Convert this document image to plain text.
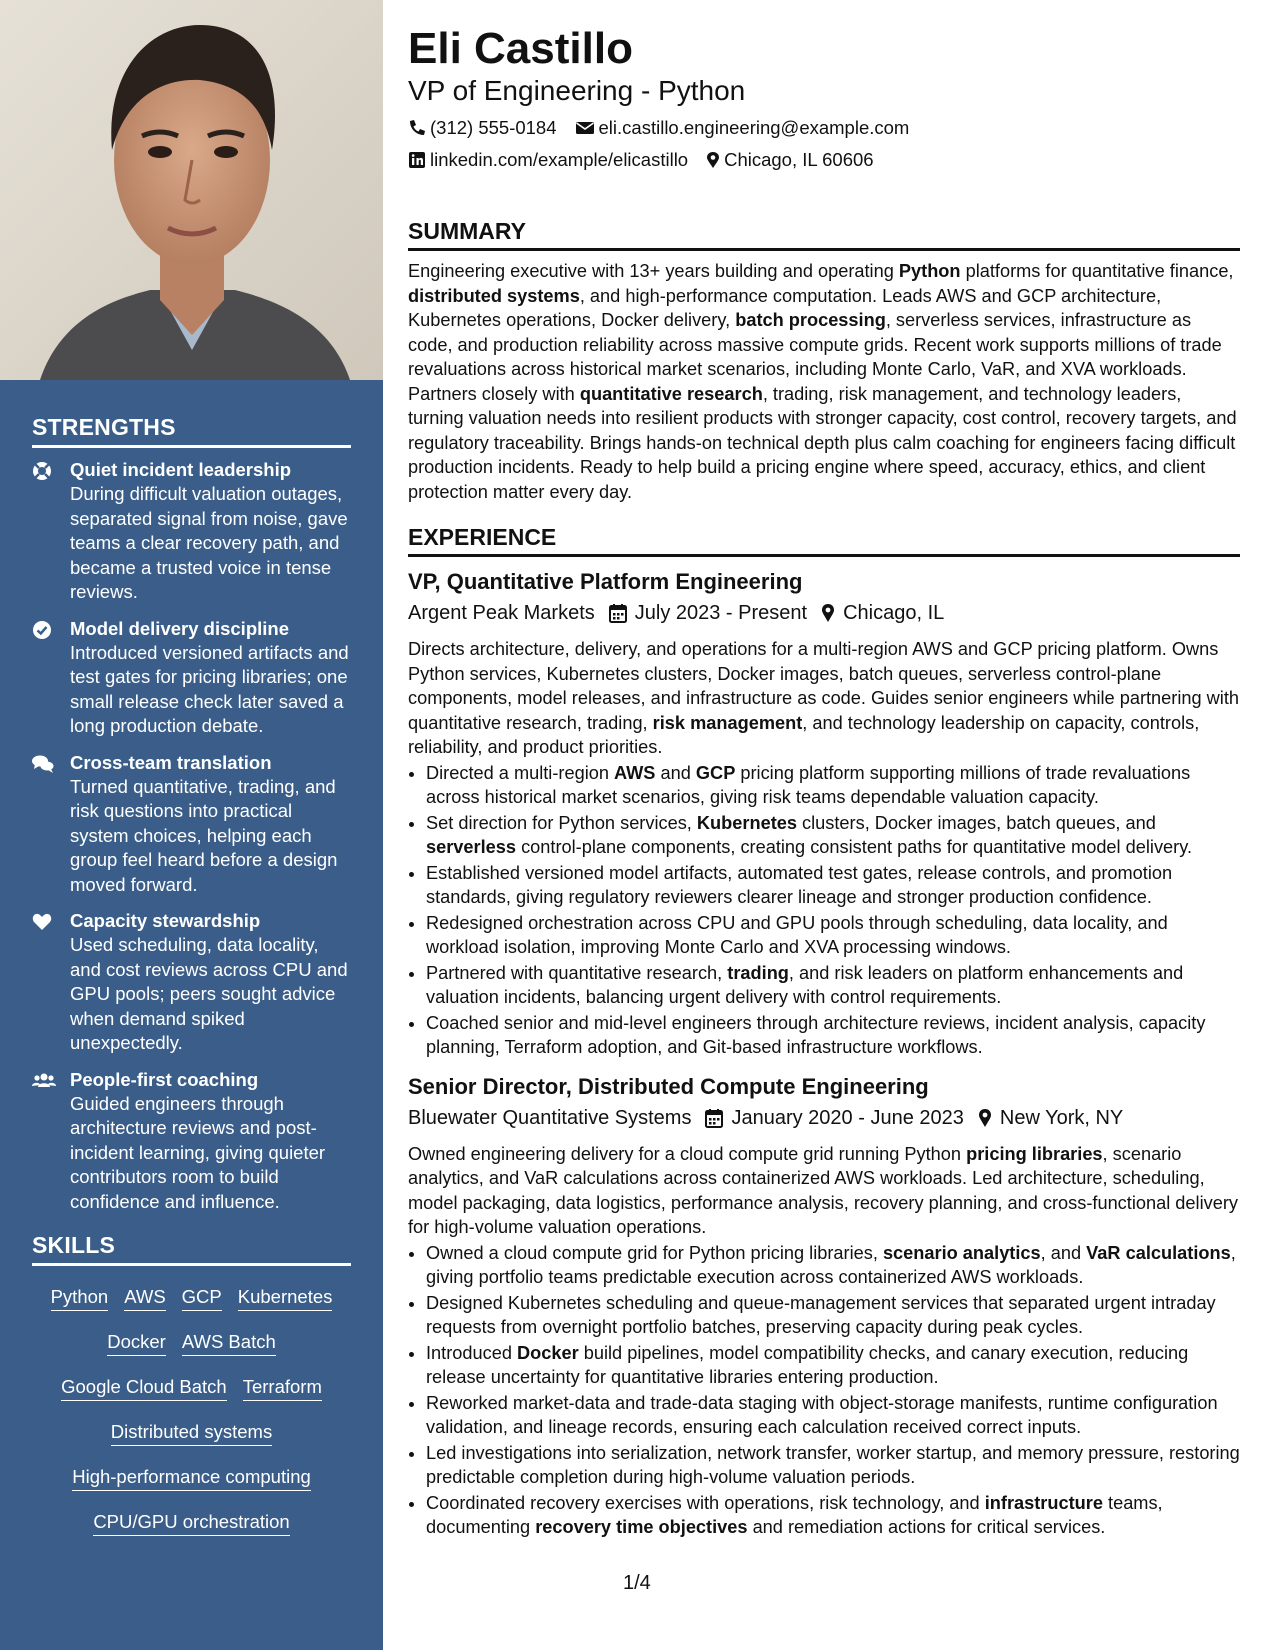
STRENGTHS
Quiet incident leadership
During difficult valuation outages, separated signal from noise, gave teams a clear recovery path, and became a trusted voice in tense reviews.
Model delivery discipline
Introduced versioned artifacts and test gates for pricing libraries; one small release check later saved a long production debate.
Cross-team translation
Turned quantitative, trading, and risk questions into practical system choices, helping each group feel heard before a design moved forward.
Capacity stewardship
Used scheduling, data locality, and cost reviews across CPU and GPU pools; peers sought advice when demand spiked unexpectedly.
People-first coaching
Guided engineers through architecture reviews and post-incident learning, giving quieter contributors room to build confidence and influence.
SKILLS
Python AWS GCP Kubernetes
Docker AWS Batch
Google Cloud Batch Terraform
Distributed systems
High-performance computing
CPU/GPU orchestration
Eli Castillo
VP of Engineering - Python
(312) 555-0184 eli.castillo.engineering@example.com
linkedin.com/example/elicastillo Chicago, IL 60606
SUMMARY
Engineering executive with 13+ years building and operating Python platforms for quantitative finance, distributed systems, and high-performance computation. Leads AWS and GCP architecture, Kubernetes operations, Docker delivery, batch processing, serverless services, infrastructure as code, and production reliability across massive compute grids. Recent work supports millions of trade revaluations across historical market scenarios, including Monte Carlo, VaR, and XVA workloads. Partners closely with quantitative research, trading, risk management, and technology leaders, turning valuation needs into resilient products with stronger capacity, cost control, recovery targets, and regulatory traceability. Brings hands-on technical depth plus calm coaching for engineers facing difficult production incidents. Ready to help build a pricing engine where speed, accuracy, ethics, and client protection matter every day.
EXPERIENCE
VP, Quantitative Platform Engineering
Argent Peak Markets July 2023 - Present Chicago, IL
Directs architecture, delivery, and operations for a multi-region AWS and GCP pricing platform. Owns Python services, Kubernetes clusters, Docker images, batch queues, serverless control-plane components, model releases, and infrastructure as code. Guides senior engineers while partnering with quantitative research, trading, risk management, and technology leadership on capacity, controls, reliability, and product priorities.
• Directed a multi-region AWS and GCP pricing platform supporting millions of trade revaluations across historical market scenarios, giving risk teams dependable valuation capacity.
• Set direction for Python services, Kubernetes clusters, Docker images, batch queues, and serverless control-plane components, creating consistent paths for quantitative model delivery.
• Established versioned model artifacts, automated test gates, release controls, and promotion standards, giving regulatory reviewers clearer lineage and stronger production confidence.
• Redesigned orchestration across CPU and GPU pools through scheduling, data locality, and workload isolation, improving Monte Carlo and XVA processing windows.
• Partnered with quantitative research, trading, and risk leaders on platform enhancements and valuation incidents, balancing urgent delivery with control requirements.
• Coached senior and mid-level engineers through architecture reviews, incident analysis, capacity planning, Terraform adoption, and Git-based infrastructure workflows.
Senior Director, Distributed Compute Engineering
Bluewater Quantitative Systems January 2020 - June 2023 New York, NY
Owned engineering delivery for a cloud compute grid running Python pricing libraries, scenario analytics, and VaR calculations across containerized AWS workloads. Led architecture, scheduling, model packaging, data logistics, performance analysis, recovery planning, and cross-functional delivery for high-volume valuation operations.
• Owned a cloud compute grid for Python pricing libraries, scenario analytics, and VaR calculations, giving portfolio teams predictable execution across containerized AWS workloads.
• Designed Kubernetes scheduling and queue-management services that separated urgent intraday requests from overnight portfolio batches, preserving capacity during peak cycles.
• Introduced Docker build pipelines, model compatibility checks, and canary execution, reducing release uncertainty for quantitative libraries entering production.
• Reworked market-data and trade-data staging with object-storage manifests, runtime configuration validation, and lineage records, ensuring each calculation received correct inputs.
• Led investigations into serialization, network transfer, worker startup, and memory pressure, restoring predictable completion during high-volume valuation periods.
• Coordinated recovery exercises with operations, risk technology, and infrastructure teams, documenting recovery time objectives and remediation actions for critical services.
1/4
